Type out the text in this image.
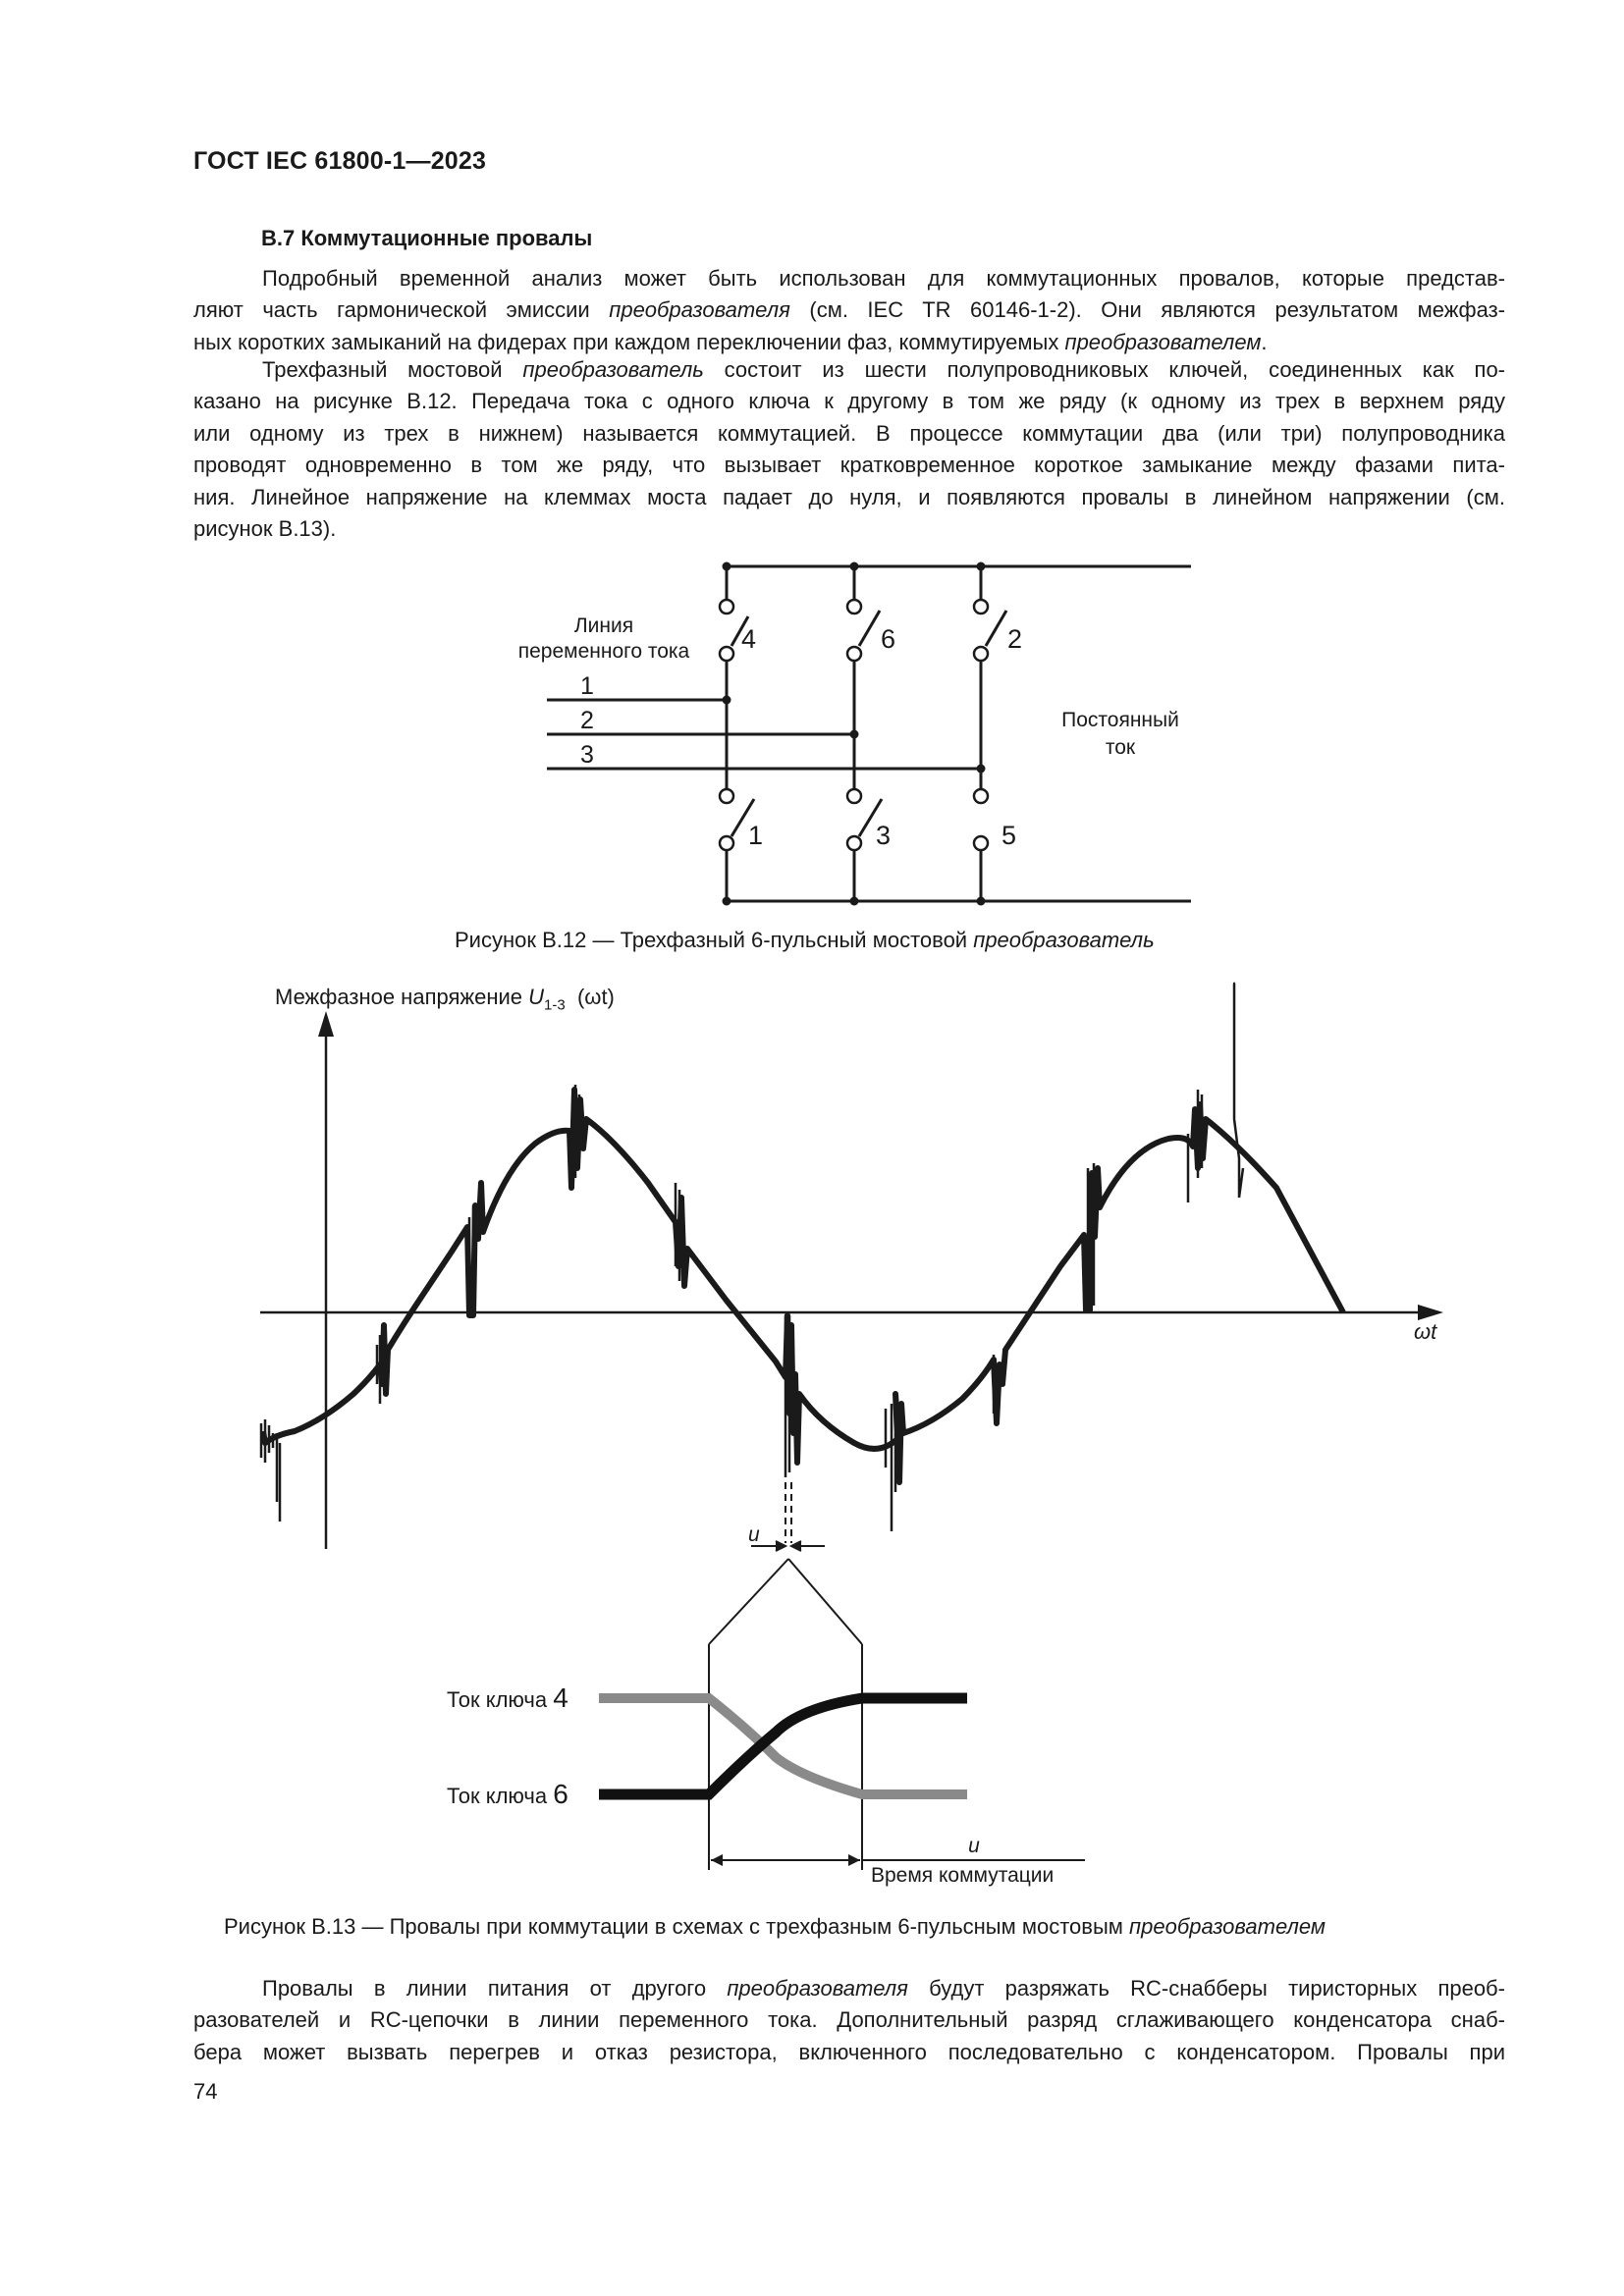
ГОСТ IEC 61800-1—2023
В.7 Коммутационные провалы
Подробный временной анализ может быть использован для коммутационных провалов, которые представ-
ляют часть гармонической эмиссии преобразователя (см. IEC TR 60146-1-2). Они являются результатом межфаз-
ных коротких замыканий на фидерах при каждом переключении фаз, коммутируемых преобразователем.
Трехфазный мостовой преобразователь состоит из шести полупроводниковых ключей, соединенных как по-
казано на рисунке В.12. Передача тока с одного ключа к другому в том же ряду (к одному из трех в верхнем ряду
или одному из трех в нижнем) называется коммутацией. В процессе коммутации два (или три) полупроводника
проводят одновременно в том же ряду, что вызывает кратковременное короткое замыкание между фазами пита-
ния. Линейное напряжение на клеммах моста падает до нуля, и появляются провалы в линейном напряжении (см.
рисунок В.13).
Линия
переменного тока
Постоянный
ток
1
2
3
4	6	2
1	3	5
Рисунок В.12 — Трехфазный 6-пульсный мостовой преобразователь
u
u
Межфазное напряжение $U_{1-3}$ (ωt)
ωt
Ток ключа 4
Ток ключа 6
Время коммутации
Рисунок В.13 — Провалы при коммутации в схемах с трехфазным 6-пульсным мостовым преобразователем
Провалы в линии питания от другого преобразователя будут разряжать RC-снабберы тиристорных преоб-
разователей и RC-цепочки в линии переменного тока. Дополнительный разряд сглаживающего конденсатора снаб-
бера может вызвать перегрев и отказ резистора, включенного последовательно с конденсатором. Провалы при
74
